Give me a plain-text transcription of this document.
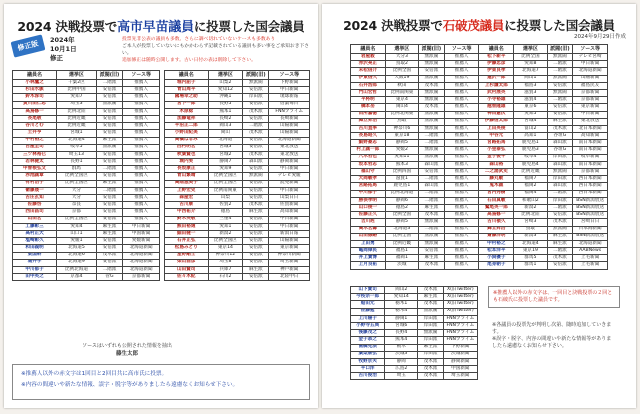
2024 決戦投票で高市早苗議員に投票した国会議員
修正版	2024年
10月1日
修正
投票先非公表の議員も多数、さらに調べ切れていないケースも多数あり
ご本人が投票していないにもかかわらず記載されている議員も多い事をご承知おき下さい。
追加修正は随時公開します。古い日付の表は削除して下さい。
議員名	選挙区	派閥(旧)	ソース等
小林鷹之	千葉2区	二階派	推薦人
杉田水脈	比例中国	安倍派	推薦人
鈴木淳司	愛知7	安倍派	推薦人
黄川田仁志	埼玉3	無派閥	推薦人
高鳥修一	比例北陸	安倍派	推薦人
長尾敬	比例近畿	安倍派	推薦人
谷川とむ	比例近畿	安倍派	推薦人
土井亨	宮城1	安倍派	推薦人
中村裕之	北海道4	麻生派	推薦人
古屋圭司	岐阜5	無派閥	推薦人
三ツ林裕巳	埼玉13	安倍派	推薦人
若林健太	長野1	安倍派	推薦人
中曽根弘文	群馬	二階派	推薦人
赤池誠章	比例全国区	安倍派	推薦人
有村治子	比例全国区	麻生派	推薦人
衛藤晟一	大分	二階派	推薦人
古庄玄知	大分	安倍派	推薦人
佐藤啓	奈良	安倍派	推薦人
西田昌司	京都	安倍派	推薦人
山田宏	比例全国区	安倍派	推薦人
工藤彰三	愛知4	麻生派	中日新聞
高村正大	山口1	麻生派	中国新聞
塩崎彰久	愛媛1	安倍派	愛媛新聞
和田義明	北海道5	安倍派	北海道新聞
東国幹	北海道6	茂木派	北海道新聞
堀井学	北海道9	安倍派	北海道新聞
中川郁子	比例北海道	二階派	北海道新聞
田中英之	京都4	菅G	京都新聞
議員名	選挙区	派閥(旧)	ソース等
堀内詔子	山梨2	無派閥	下野新聞
青山周平	愛知12	安倍派	中日新聞
國場幸之助	沖縄1	岸田派	琉球新報
宮下一郎	長野5	安倍派	信濃毎日
木原稔	熊本1	茂木派	FNNプライム
加藤竜祥	長崎2	安倍派	長崎新聞
平沼正二郎	岡山3	二階派	山陽新聞
小野田紀美	岡山	茂木派	山陽新聞
高橋はるみ	北海道	安倍派	北海道新聞
西村明宏	宮城3	安倍派	東北放送
秋葉賢也	宮城2	茂木派	東北放送
城内実	静岡7	森山派	静岡新聞
長坂康正	愛知9	安倍派	中日新聞
青山繁晴	比例全国区	無派閥	テレビ愛媛
高階恵美子	比例全国区	安倍派	読売新聞
上野宏史	比例南関東	安倍派	中日新聞
森屋宏	山梨	安倍派	山梨日日
古川康	佐賀2	茂木派	佐賀新聞
中西祐介	徳島	麻生派	高知新聞
鈴木英敬	三重4	安倍派	中日新聞
熊田裕通	愛知1	安倍派	中日新聞
細田健一	新潟2	安倍派	新潟日報
石井正弘	比例全国区	安倍派	山陽新聞
松島みどり	東京14	安倍派	東京新聞
星野剛士	神奈川12	安倍派	神奈川新聞
柴山昌彦	埼玉8	安倍派	埼玉新聞
山田賢司	兵庫7	麻生派	神戸新聞
佐々木紀	石川2	安倍派	北陸中日
ソースはいずれも公開された情報を抽出
藤生太郎
※推薦人以外の赤文字は1回目と2回目共に高市氏に投票。
※内容の間違いや新たな情報、誤字・脱字等がありましたら遠慮なくお知らせ下さい。
2024 決戦投票で石破茂議員に投票した国会議員
2024年9月29日作成
議員名	選挙区	派閥(旧)	ソース等	議員名	選挙区	派閥(旧)	ソース等
岩屋毅	大分3	無派閥	推薦人	松下新平	比例全国	無派閥	テレビ宮崎
赤沢亮正	鳥取2	無派閥	推薦人	伊藤忠彦	愛知8	二階派	中日新聞
末松信介	比例全国	安倍派	推薦人	伊東良孝	北海道7	二階派	北海道新聞
伊東信久	大阪19	無派閥	推薦人	逢沢一郎	岡山1	無派閥	山陽新聞
石井浩郎	秋田	茂木派	推薦人	上杉謙太郎	福島3	安倍派	福島民友
門山宏哲	比例南関東	無派閥	推薦人	武村展英	滋賀3	無派閥	京都新聞
平将明	東京4	無派閥	推薦人	小寺裕雄	滋賀4	二階派	京都新聞
橋本岳	岡山4	茂木派	推薦人	越智隆雄	東京6	安倍派	東京新聞
田所嘉徳	比例北関東	無派閥	推薦人	神田憲次	愛知5	安倍派	中日新聞
舞立昇治	鳥取	無派閥	推薦人	伊藤信太郎	宮城4	麻生派	東北放送
古川直季	神奈川6	無派閥	推薦人	上田英俊	富山2	茂木派	北日本新聞
長島昭久	東京18	二階派	推薦人	中谷元	高知1	谷垣G	高知新聞
細野豪志	静岡5	二階派	推薦人	宮路拓馬	鹿児島1	森山派	南日本新聞
村上誠一郎	愛媛2	無派閥	推薦人	小里泰弘	鹿児島3	谷垣G	南日本新聞
八木哲也	愛知11	無派閥	推薦人	金子俊平	岐阜4	岸田派	岐阜新聞
坂本哲志	熊本3	森山派	推薦人	森山裕	鹿児島4	森山派	南日本新聞
福山守	比例四国	安倍派	推薦人	二之湯武史	比例近畿	無派閥	京都新聞
大岡敏孝	滋賀1	二階派	推薦人	藤丸敏	福岡7	岸田派	西日本新聞
宮路拓馬	鹿児島1	森山派	推薦人	鬼木誠	福岡2	森山派	西日本新聞
中川郁子	比例北海道	二階派	推薦人	宮内秀樹	福岡4	二階派	西日本新聞
勝俣孝明	静岡6	二階派	推薦人	石田真敏	和歌山2	岸田派	BSN新潟放送
山口俊一	徳島2	麻生派	推薦人	鷲尾英一郎	新潟2	二階派	BSN新潟放送
佐藤正久	比例全国	茂木派	推薦人	高鳥修一	比例北陸	安倍派	BSN新潟放送
吉川赳	静岡5	無派閥	推薦人	古川禎久	宮崎3	茂木派	宮崎日日
高木宏壽	北海道3	二階派	推薦人	舞立昇治	鳥取	無派閥	日本海新聞
山田修路	比例全国	無派閥	推薦人	斎藤洋明	新潟3	麻生派	BSN新潟放送
上田勇	比例近畿	無派閥	推薦人	中村裕之	北海道4	麻生派	北海道新聞
亀岡偉民	福島1	安倍派	推薦人	松本洋平	東京19	二階派	AABNews
井上貴博	福岡1	麻生派	推薦人	小渕優子	群馬5	茂木派	上毛新聞
上月良祐	茨城	茂木派	推薦人	尾身朝子	群馬1	安倍派	上毛新聞
山下貴司	岡山2	茂木派	X(旧Twitter)
今枝宗一郎	愛知14	麻生派	X(旧Twitter)
船田元	栃木1	茂木派	X(旧Twitter)
佐藤勉	栃木4	無派閥	X(旧Twitter)
上川陽子	静岡1	岸田派	FNNプライム
小野寺五典	宮城6	岸田派	FNNプライム
後藤茂之	長野4	無派閥	FNNプライム
金子恭之	熊本4	岸田派	FNNプライム
髙橋克法	栃木	麻生派	下野新聞
葉梨康弘	茨城3	岸田派	茨城新聞
牧野京夫	静岡	茂木派	静岡新聞
平口洋	広島2	茂木派	中国新聞
古川俊治	埼玉	茂木派	埼玉新聞
※推薦人以外の赤文字は、一回目と決戦投票の２回とも石破氏に投票した議員です。
※各議員の投票先が判明し次第、随時追加していきます。
※誤字・脱字、内容の間違いや新たな情報等がありましたら遠慮なくお知らせ下さい。
